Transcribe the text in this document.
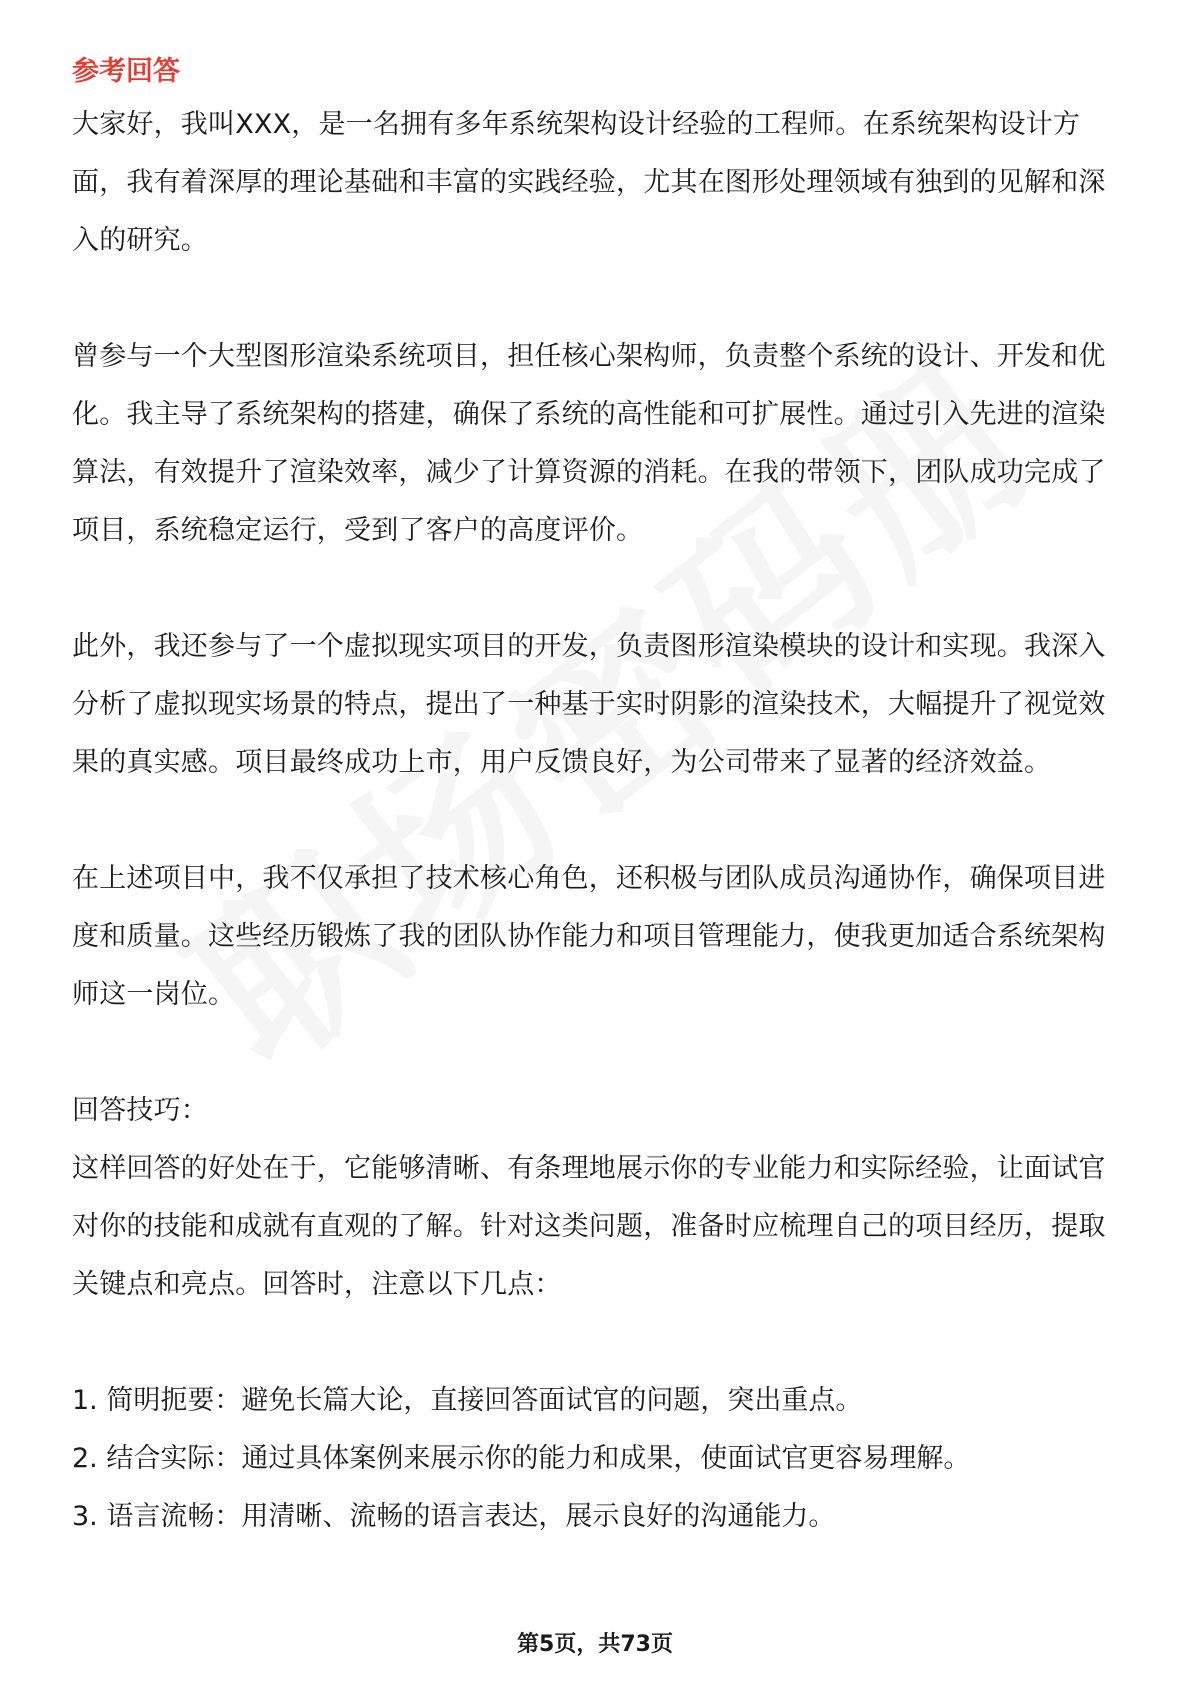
参考回答

大家好，我叫XXX，是一名拥有多年系统架构设计经验的工程师。在系统架构设计方面，我有着深厚的理论基础和丰富的实践经验，尤其在图形处理领域有独到的见解和深入的研究。

曾参与一个大型图形渲染系统项目，担任核心架构师，负责整个系统的设计、开发和优化。我主导了系统架构的搭建，确保了系统的高性能和可扩展性。通过引入先进的渲染算法，有效提升了渲染效率，减少了计算资源的消耗。在我的带领下，团队成功完成了项目，系统稳定运行，受到了客户的高度评价。

此外，我还参与了一个虚拟现实项目的开发，负责图形渲染模块的设计和实现。我深入分析了虚拟现实场景的特点，提出了一种基于实时阴影的渲染技术，大幅提升了视觉效果的真实感。项目最终成功上市，用户反馈良好，为公司带来了显著的经济效益。

在上述项目中，我不仅承担了技术核心角色，还积极与团队成员沟通协作，确保项目进度和质量。这些经历锻炼了我的团队协作能力和项目管理能力，使我更加适合系统架构师这一岗位。

回答技巧：

这样回答的好处在于，它能够清晰、有条理地展示你的专业能力和实际经验，让面试官对你的技能和成就有直观的了解。针对这类问题，准备时应梳理自己的项目经历，提取关键点和亮点。回答时，注意以下几点：

1. 简明扼要：避免长篇大论，直接回答面试官的问题，突出重点。

2. 结合实际：通过具体案例来展示你的能力和成果，使面试官更容易理解。

3. 语言流畅：用清晰、流畅的语言表达，展示良好的沟通能力。

第5页，共73页
